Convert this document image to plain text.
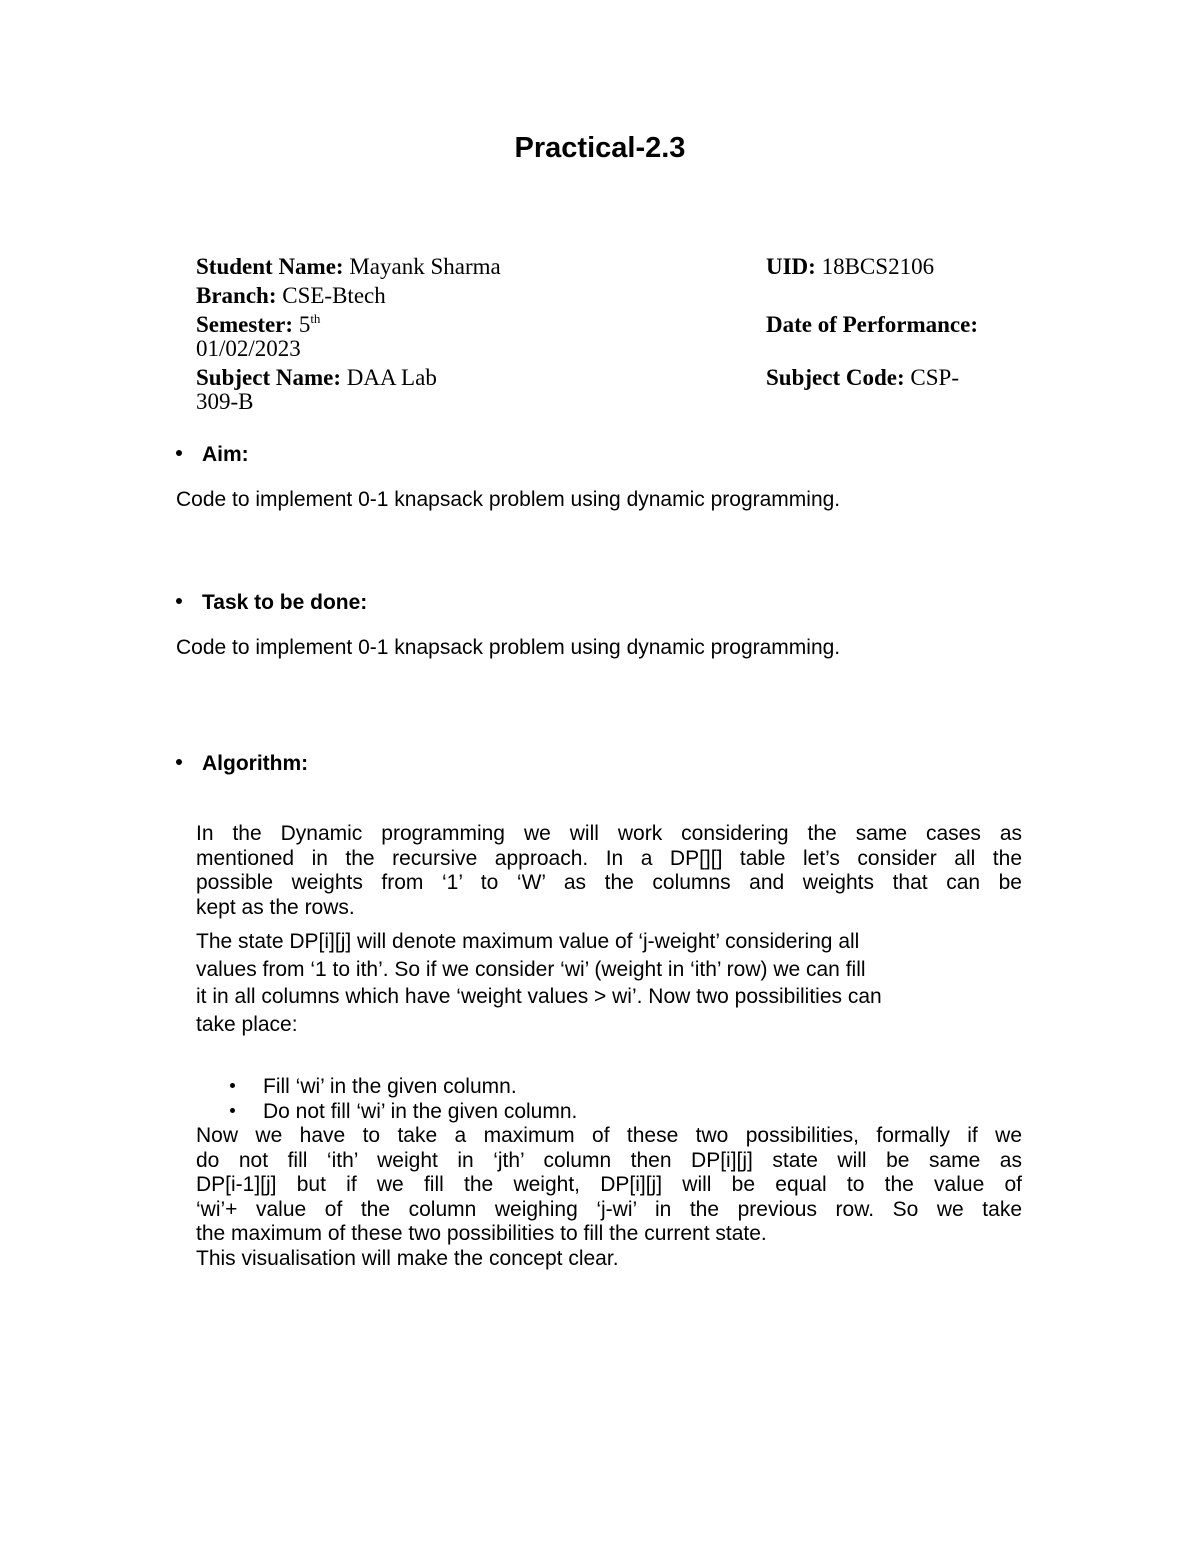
Practical-2.3
Student Name: Mayank Sharma	UID: 18BCS2106
Branch: CSE-Btech
Semester: 5th	Date of Performance:
01/02/2023
Subject Name: DAA Lab	Subject Code: CSP-
309-B
Aim:
Code to implement 0-1 knapsack problem using dynamic programming.
Task to be done:
Code to implement 0-1 knapsack problem using dynamic programming.
Algorithm:
In the Dynamic programming we will work considering the same cases as
mentioned in the recursive approach. In a DP[][] table let’s consider all the
possible weights from ‘1’ to ‘W’ as the columns and weights that can be
kept as the rows.
The state DP[i][j] will denote maximum value of ‘j-weight’ considering all
values from ‘1 to ith’. So if we consider ‘wi’ (weight in ‘ith’ row) we can fill
it in all columns which have ‘weight values > wi’. Now two possibilities can
take place:
Fill ‘wi’ in the given column.
Do not fill ‘wi’ in the given column.
Now we have to take a maximum of these two possibilities, formally if we
do not fill ‘ith’ weight in ‘jth’ column then DP[i][j] state will be same as
DP[i-1][j] but if we fill the weight, DP[i][j] will be equal to the value of
‘wi’+ value of the column weighing ‘j-wi’ in the previous row. So we take
the maximum of these two possibilities to fill the current state.
This visualisation will make the concept clear.
